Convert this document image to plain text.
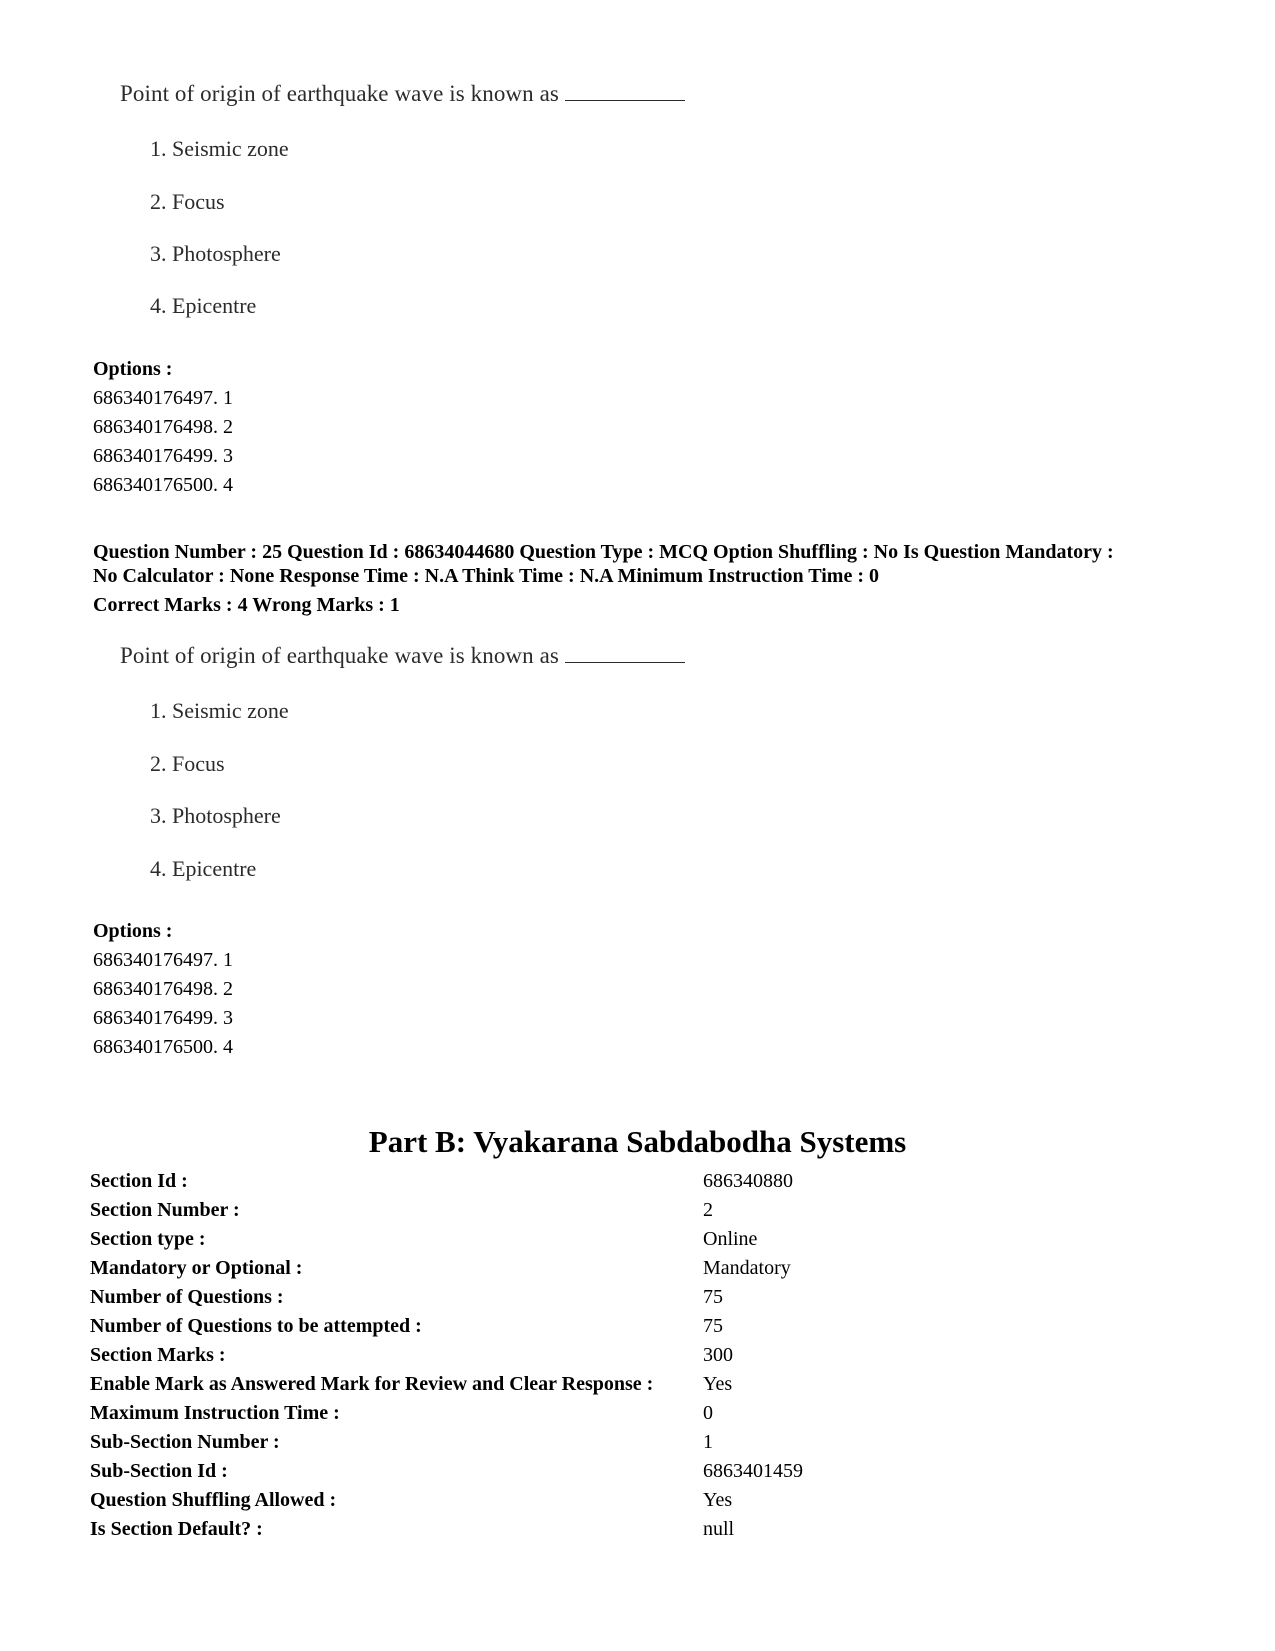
Point of origin of earthquake wave is known as
1. Seismic zone
2. Focus
3. Photosphere
4. Epicentre
Options :
686340176497. 1
686340176498. 2
686340176499. 3
686340176500. 4
Question Number : 25 Question Id : 68634044680 Question Type : MCQ Option Shuffling : No Is Question Mandatory :
No Calculator : None Response Time : N.A Think Time : N.A Minimum Instruction Time : 0
Correct Marks : 4 Wrong Marks : 1
Point of origin of earthquake wave is known as
1. Seismic zone
2. Focus
3. Photosphere
4. Epicentre
Options :
686340176497. 1
686340176498. 2
686340176499. 3
686340176500. 4
Part B: Vyakarana Sabdabodha Systems
Section Id :	686340880
Section Number :	2
Section type :	Online
Mandatory or Optional :	Mandatory
Number of Questions :	75
Number of Questions to be attempted :	75
Section Marks :	300
Enable Mark as Answered Mark for Review and Clear Response : Yes
Maximum Instruction Time :	0
Sub-Section Number :	1
Sub-Section Id :	6863401459
Question Shuffling Allowed :	Yes
Is Section Default? :	null
